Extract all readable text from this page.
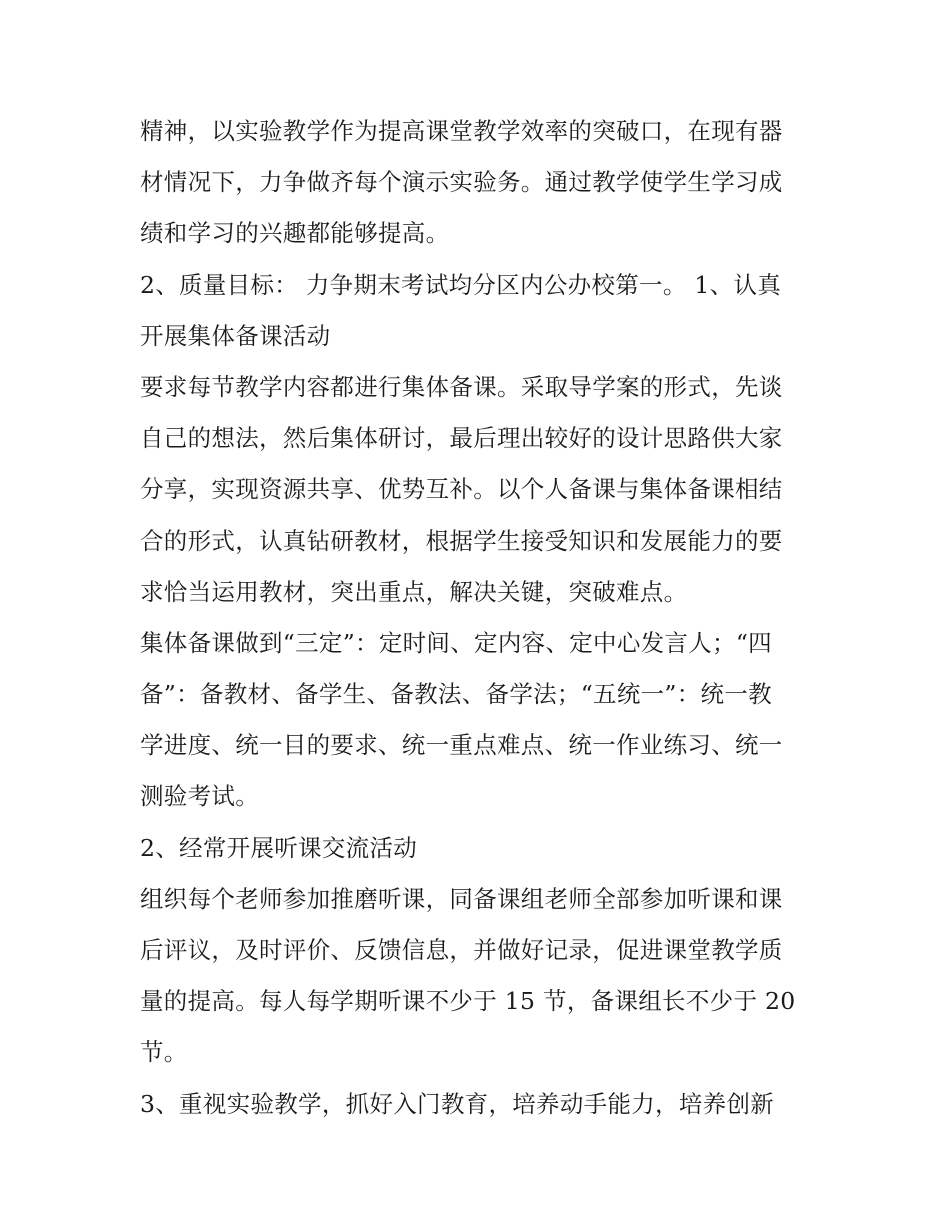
精神，以实验教学作为提高课堂教学效率的突破口，在现有器
材情况下，力争做齐每个演示实验务。通过教学使学生学习成
绩和学习的兴趣都能够提高。

2、质量目标： 力争期末考试均分区内公办校第一。 1、认真
开展集体备课活动

要求每节教学内容都进行集体备课。采取导学案的形式，先谈
自己的想法，然后集体研讨，最后理出较好的设计思路供大家
分享，实现资源共享、优势互补。以个人备课与集体备课相结
合的形式，认真钻研教材，根据学生接受知识和发展能力的要
求恰当运用教材，突出重点，解决关键，突破难点。

集体备课做到“三定”：定时间、定内容、定中心发言人；“四
备”：备教材、备学生、备教法、备学法；“五统一”：统一教
学进度、统一目的要求、统一重点难点、统一作业练习、统一
测验考试。

2、经常开展听课交流活动

组织每个老师参加推磨听课，同备课组老师全部参加听课和课
后评议，及时评价、反馈信息，并做好记录，促进课堂教学质
量的提高。每人每学期听课不少于 15 节，备课组长不少于 20
节。

3、重视实验教学，抓好入门教育，培养动手能力，培养创新
